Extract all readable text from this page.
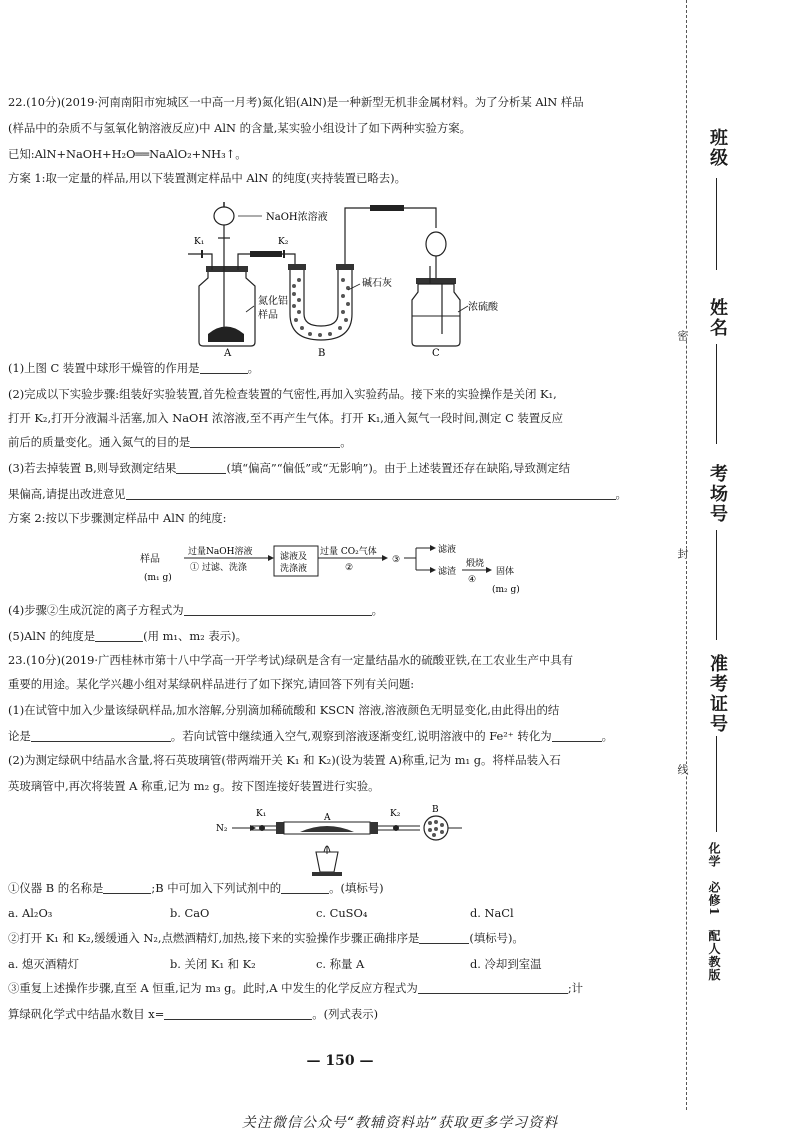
22.(10分)(2019·河南南阳市宛城区一中高一月考)氮化铝(AlN)是一种新型无机非金属材料。为了分析某 AlN 样品
(样品中的杂质不与氢氧化钠溶液反应)中 AlN 的含量,某实验小组设计了如下两种实验方案。
已知:AlN+NaOH+H₂O══NaAlO₂+NH₃↑。
方案 1:取一定量的样品,用以下装置测定样品中 AlN 的纯度(夹持装置已略去)。
NaOH浓溶液
K₁	K₂
氮化铝
样品
碱石灰
浓硫酸
A	B	C
(1)上图 C 装置中球形干燥管的作用是	。
(2)完成以下实验步骤:组装好实验装置,首先检查装置的气密性,再加入实验药品。接下来的实验操作是关闭 K₁,
打开 K₂,打开分液漏斗活塞,加入 NaOH 浓溶液,至不再产生气体。打开 K₁,通入氮气一段时间,测定 C 装置反应
前后的质量变化。通入氮气的目的是	。
(3)若去掉装置 B,则导致测定结果	(填“偏高”“偏低”或“无影响”)。由于上述装置还存在缺陷,导致测定结
果偏高,请提出改进意见	。
方案 2:按以下步骤测定样品中 AlN 的纯度:
样品
(m₁ g)
过量NaOH溶液
① 过滤、洗涤
滤液及
洗涤液
过量 CO₂气体
②
③
滤液
滤渣
煅烧
④
固体
(m₂ g)
(4)步骤②生成沉淀的离子方程式为	。
(5)AlN 的纯度是	(用 m₁、m₂ 表示)。
23.(10分)(2019·广西桂林市第十八中学高一开学考试)绿矾是含有一定量结晶水的硫酸亚铁,在工农业生产中具有
重要的用途。某化学兴趣小组对某绿矾样品进行了如下探究,请回答下列有关问题:
(1)在试管中加入少量该绿矾样品,加水溶解,分别滴加稀硫酸和 KSCN 溶液,溶液颜色无明显变化,由此得出的结
论是	。若向试管中继续通入空气,观察到溶液逐渐变红,说明溶液中的 Fe²⁺ 转化为	。
(2)为测定绿矾中结晶水含量,将石英玻璃管(带两端开关 K₁ 和 K₂)(设为装置 A)称重,记为 m₁ g。将样品装入石
英玻璃管中,再次将装置 A 称重,记为 m₂ g。按下图连接好装置进行实验。
N₂
K₁	K₂
A
B
①仪器 B 的名称是	;B 中可加入下列试剂中的	。(填标号)
a. Al₂O₃	b. CaO	c. CuSO₄	d. NaCl
②打开 K₁ 和 K₂,缓缓通入 N₂,点燃酒精灯,加热,接下来的实验操作步骤正确排序是	(填标号)。
a. 熄灭酒精灯	b. 关闭 K₁ 和 K₂	c. 称量 A	d. 冷却到室温
③重复上述操作步骤,直至 A 恒重,记为 m₃ g。此时,A 中发生的化学反应方程式为	;计
算绿矾化学式中结晶水数目 x=	。(列式表示)
— 150 —
密
封
线
班级
姓名
考场号
准考证号
化学　必修1　配人教版
关注微信公众号“教辅资料站”获取更多学习资料
